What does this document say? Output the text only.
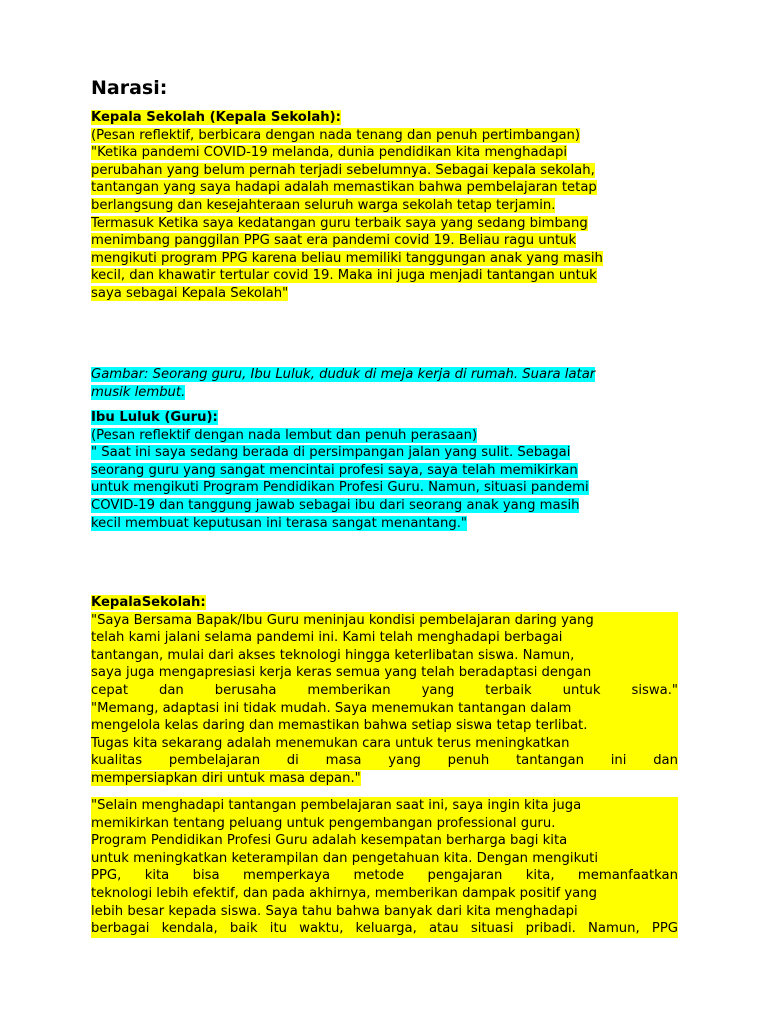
Narasi:
Kepala Sekolah (Kepala Sekolah):
(Pesan reflektif, berbicara dengan nada tenang dan penuh pertimbangan)
"Ketika pandemi COVID-19 melanda, dunia pendidikan kita menghadapi
perubahan yang belum pernah terjadi sebelumnya. Sebagai kepala sekolah,
tantangan yang saya hadapi adalah memastikan bahwa pembelajaran tetap
berlangsung dan kesejahteraan seluruh warga sekolah tetap terjamin.
Termasuk Ketika saya kedatangan guru terbaik saya yang sedang bimbang
menimbang panggilan PPG saat era pandemi covid 19. Beliau ragu untuk
mengikuti program PPG karena beliau memiliki tanggungan anak yang masih
kecil, dan khawatir tertular covid 19. Maka ini juga menjadi tantangan untuk
saya sebagai Kepala Sekolah"
Gambar: Seorang guru, Ibu Luluk, duduk di meja kerja di rumah. Suara latar
musik lembut.
Ibu Luluk (Guru):
(Pesan reflektif dengan nada lembut dan penuh perasaan)
" Saat ini saya sedang berada di persimpangan jalan yang sulit. Sebagai
seorang guru yang sangat mencintai profesi saya, saya telah memikirkan
untuk mengikuti Program Pendidikan Profesi Guru. Namun, situasi pandemi
COVID-19 dan tanggung jawab sebagai ibu dari seorang anak yang masih
kecil membuat keputusan ini terasa sangat menantang."
KepalaSekolah:
"Saya Bersama Bapak/Ibu Guru meninjau kondisi pembelajaran daring yang
telah kami jalani selama pandemi ini. Kami telah menghadapi berbagai
tantangan, mulai dari akses teknologi hingga keterlibatan siswa. Namun,
saya juga mengapresiasi kerja keras semua yang telah beradaptasi dengan
cepat dan berusaha memberikan yang terbaik untuk siswa."
"Memang, adaptasi ini tidak mudah. Saya menemukan tantangan dalam
mengelola kelas daring dan memastikan bahwa setiap siswa tetap terlibat.
Tugas kita sekarang adalah menemukan cara untuk terus meningkatkan
kualitas pembelajaran di masa yang penuh tantangan ini dan
mempersiapkan diri untuk masa depan."
"Selain menghadapi tantangan pembelajaran saat ini, saya ingin kita juga
memikirkan tentang peluang untuk pengembangan professional guru.
Program Pendidikan Profesi Guru adalah kesempatan berharga bagi kita
untuk meningkatkan keterampilan dan pengetahuan kita. Dengan mengikuti
PPG, kita bisa memperkaya metode pengajaran kita, memanfaatkan
teknologi lebih efektif, dan pada akhirnya, memberikan dampak positif yang
lebih besar kepada siswa. Saya tahu bahwa banyak dari kita menghadapi
berbagai kendala, baik itu waktu, keluarga, atau situasi pribadi. Namun, PPG
